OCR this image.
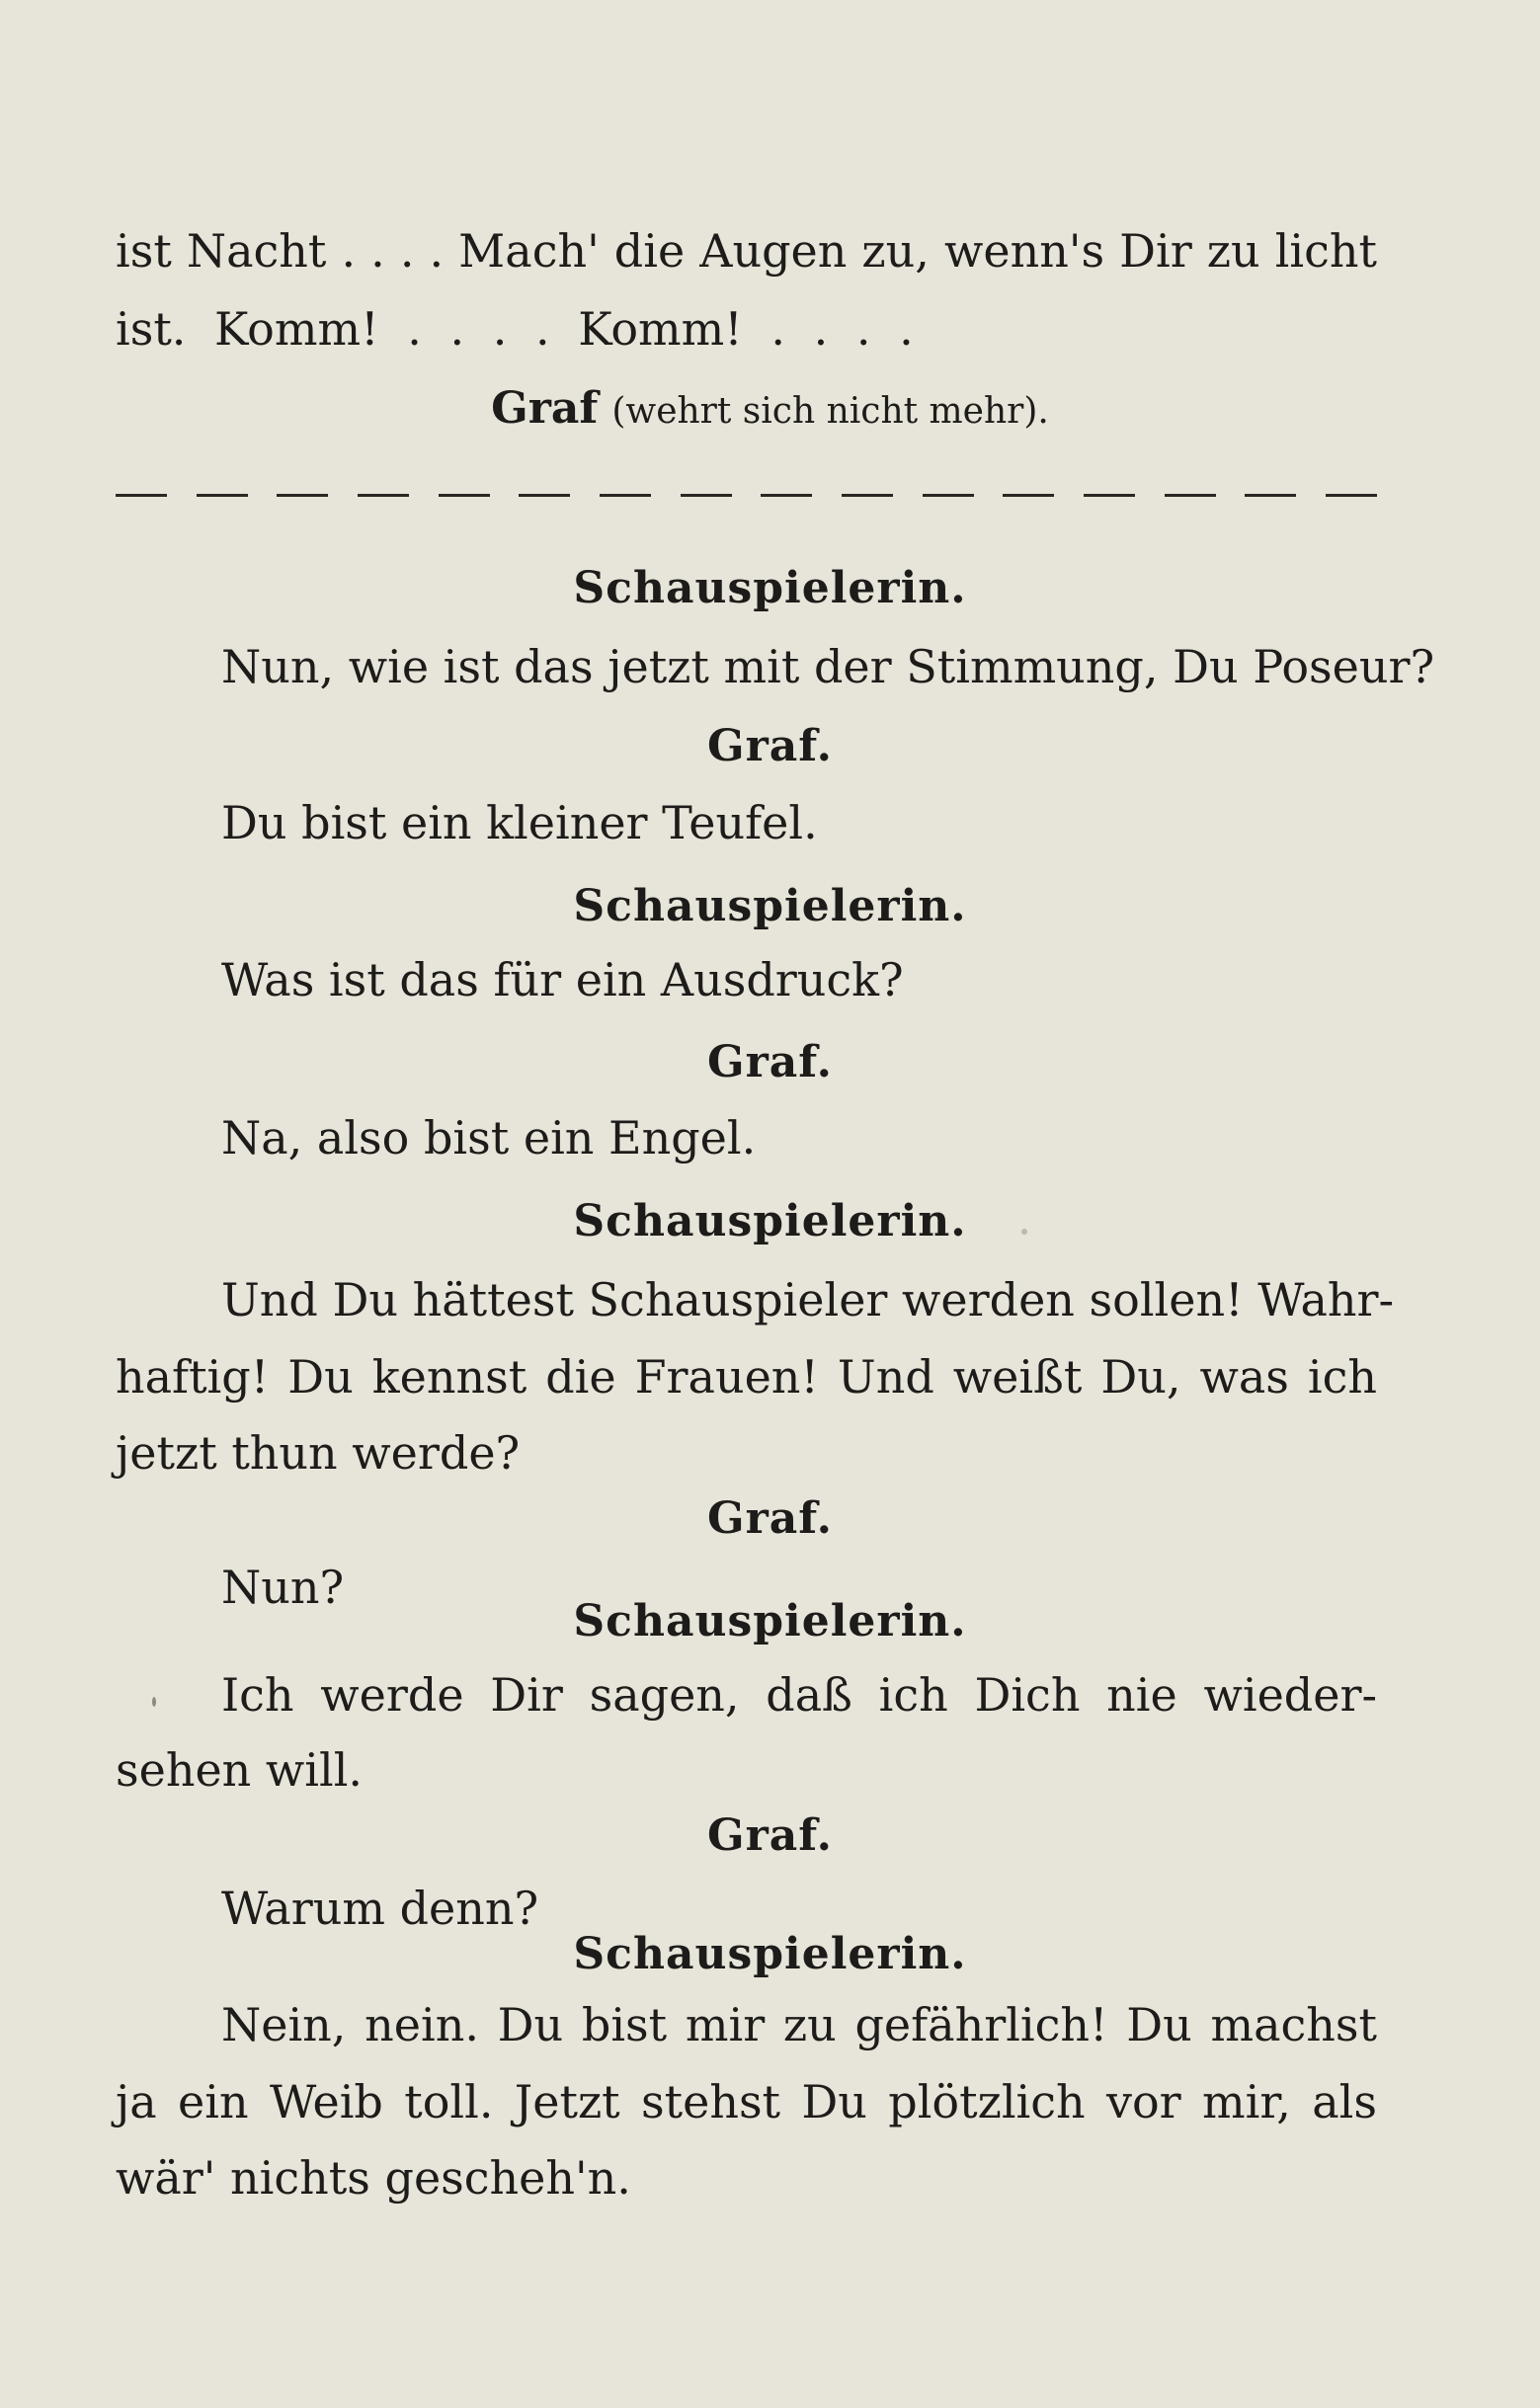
ist Nacht . . . . Mach' die Augen zu, wenn's Dir zu licht

ist. Komm! . . . . Komm! . . . .

Graf (wehrt sich nicht mehr).

Schauspielerin.

Nun, wie ist das jetzt mit der Stimmung, Du Poseur?

Graf.

Du bist ein kleiner Teufel.

Schauspielerin.

Was ist das für ein Ausdruck?

Graf.

Na, also bist ein Engel.

Schauspielerin.

Und Du hättest Schauspieler werden sollen! Wahr-

haftig! Du kennst die Frauen! Und weißt Du, was ich

jetzt thun werde?

Graf.

Nun?

Schauspielerin.

Ich werde Dir sagen, daß ich Dich nie wieder-

sehen will.

Graf.

Warum denn?

Schauspielerin.

Nein, nein. Du bist mir zu gefährlich! Du machst

ja ein Weib toll. Jetzt stehst Du plötzlich vor mir, als

wär' nichts gescheh'n.
